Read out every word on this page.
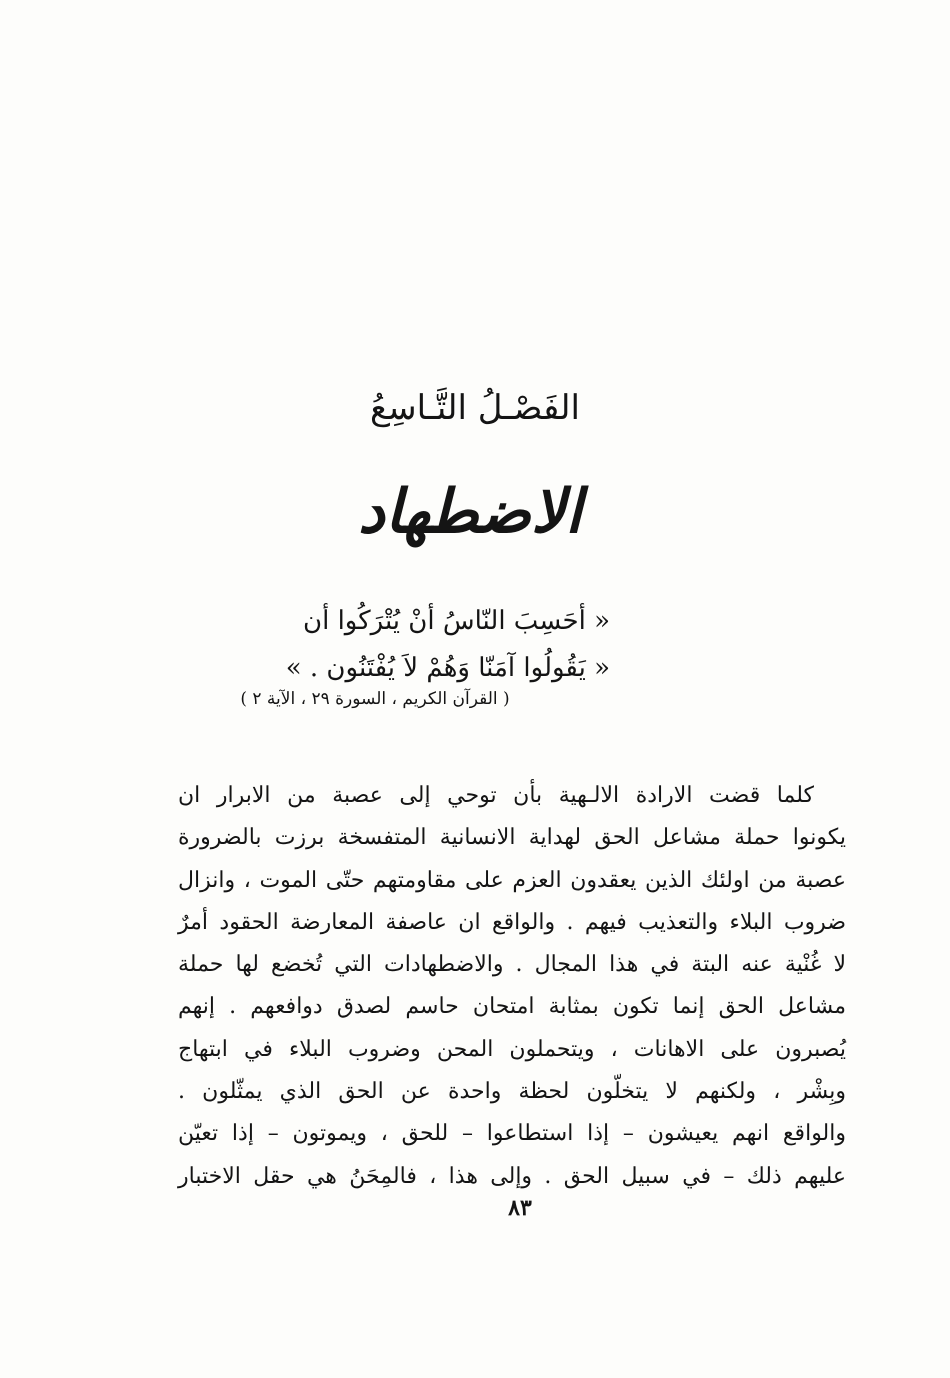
الفَصْـلُ التَّـاسِعُ
الاضطهاد
« أحَسِبَ النّاسُ أنْ يُتْرَكُوا أن
« يَقُولُوا آمَنّا وَهُمْ لاَ يُفْتَنُون . »
( القرآن الكريم ، السورة ٢٩ ، الآية ٢ )
كلما قضت الارادة الالـهية بأن توحي إلى عصبة من الابرار ان
يكونوا حملة مشاعل الحق لهداية الانسانية المتفسخة برزت بالضرورة
عصبة من اولئك الذين يعقدون العزم على مقاومتهم حتّى الموت ، وانزال
ضروب البلاء والتعذيب فيهم . والواقع ان عاصفة المعارضة الحقود أمرٌ
لا غُنْية عنه البتة في هذا المجال . والاضطهادات التي تُخضع لها حملة
مشاعل الحق إنما تكون بمثابة امتحان حاسم لصدق دوافعهم . إنهم
يُصبرون على الاهانات ، ويتحملون المحن وضروب البلاء في ابتهاج
وبِشْر ، ولكنهم لا يتخلّون لحظة واحدة عن الحق الذي يمثّلون .
والواقع انهم يعيشون – إذا استطاعوا – للحق ، ويموتون – إذا تعيّن
عليهم ذلك – في سبيل الحق . وإلى هذا ، فالمِحَنُ هي حقل الاختبار
٨٣
